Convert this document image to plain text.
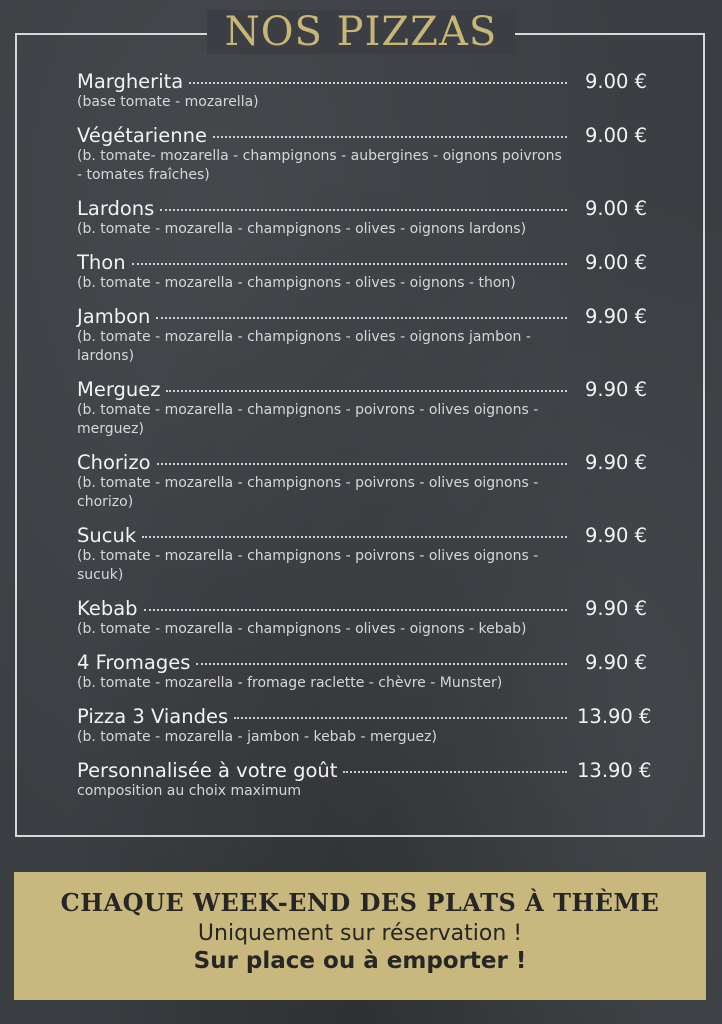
NOS PIZZAS
Margherita	9.00 €
(base tomate - mozarella)
Végétarienne	9.00 €
(b. tomate- mozarella - champignons - aubergines - oignons poivrons - tomates fraîches)
Lardons	9.00 €
(b. tomate - mozarella - champignons - olives - oignons lardons)
Thon	9.00 €
(b. tomate - mozarella - champignons - olives - oignons - thon)
Jambon	9.90 €
(b. tomate - mozarella - champignons - olives - oignons jambon - lardons)
Merguez	9.90 €
(b. tomate - mozarella - champignons - poivrons - olives oignons - merguez)
Chorizo	9.90 €
(b. tomate - mozarella - champignons - poivrons - olives oignons - chorizo)
Sucuk	9.90 €
(b. tomate - mozarella - champignons - poivrons - olives oignons - sucuk)
Kebab	9.90 €
(b. tomate - mozarella - champignons - olives - oignons - kebab)
4 Fromages	9.90 €
(b. tomate - mozarella - fromage raclette - chèvre - Munster)
Pizza 3 Viandes	13.90 €
(b. tomate - mozarella - jambon - kebab - merguez)
Personnalisée à votre goût	13.90 €
composition au choix maximum
CHAQUE WEEK-END DES PLATS À THÈME
Uniquement sur réservation !
Sur place ou à emporter !
